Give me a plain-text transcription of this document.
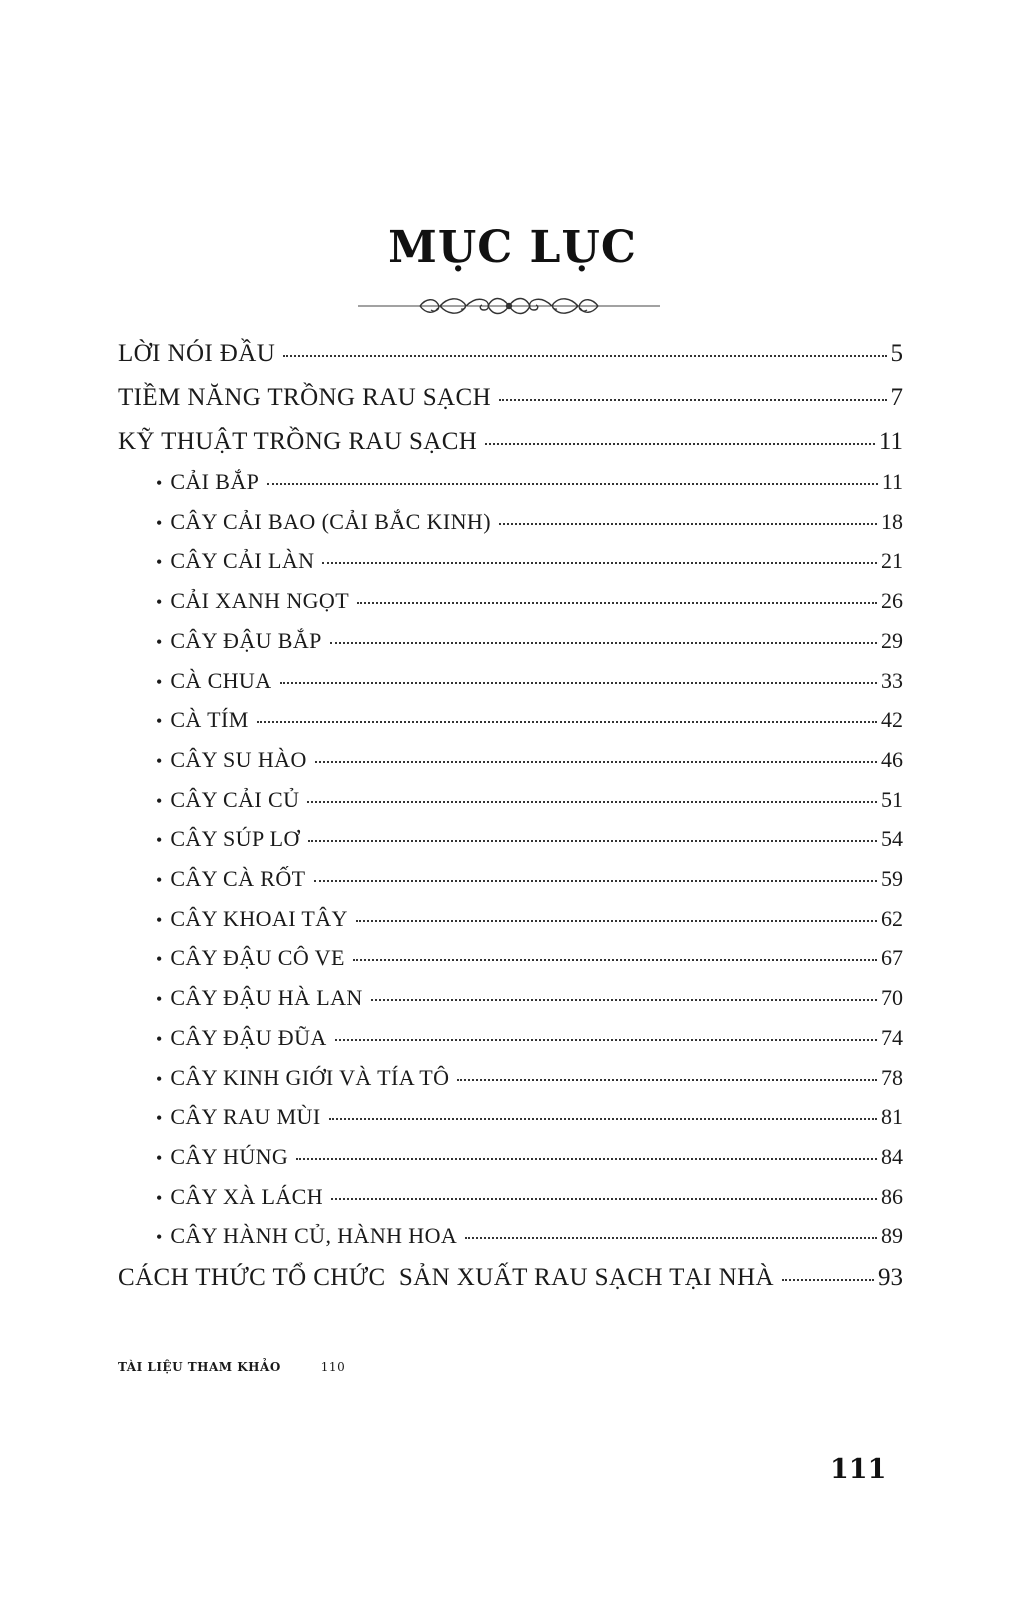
MỤC LỤC
LỜI NÓI ĐẦU	5
TIỀM NĂNG TRỒNG RAU SẠCH	7
KỸ THUẬT TRỒNG RAU SẠCH	11
• CẢI BẮP	11
• CÂY CẢI BAO (CẢI BẮC KINH)	18
• CÂY CẢI LÀN	21
• CẢI XANH NGỌT	26
• CÂY ĐẬU BẮP	29
• CÀ CHUA	33
• CÀ TÍM	42
• CÂY SU HÀO	46
• CÂY CẢI CỦ	51
• CÂY SÚP LƠ	54
• CÂY CÀ RỐT	59
• CÂY KHOAI TÂY	62
• CÂY ĐẬU CÔ VE	67
• CÂY ĐẬU HÀ LAN	70
• CÂY ĐẬU ĐŨA	74
• CÂY KINH GIỚI VÀ TÍA TÔ	78
• CÂY RAU MÙI	81
• CÂY HÚNG	84
• CÂY XÀ LÁCH	86
• CÂY HÀNH CỦ, HÀNH HOA	89
CÁCH THỨC TỔ CHỨC  SẢN XUẤT RAU SẠCH TẠI NHÀ	93
TÀI LIỆU THAM KHẢO	110
111
